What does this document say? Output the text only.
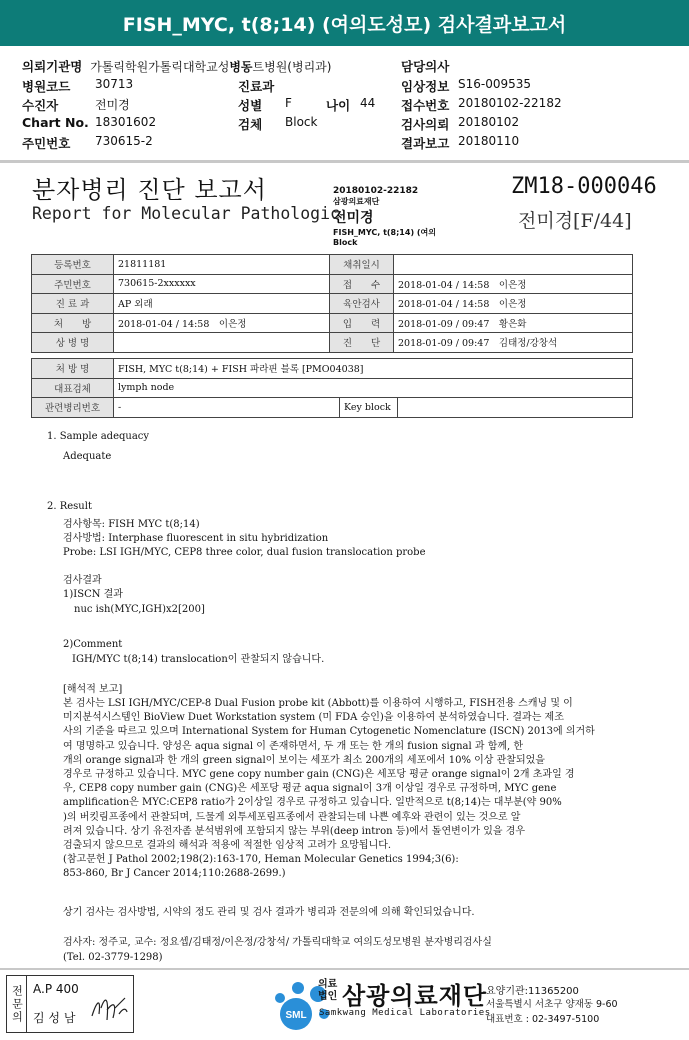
FISH_MYC, t(8;14) (여의도성모) 검사결과보고서
의뢰기관명 가톨릭학원가톨릭대학교성병동트병원(병리과)	담당의사
병원코드 30713	진료과	임상정보 S16-009535
수진자	전미경	성별 F	나이 44 접수번호 20180102-22182
Chart No. 18301602	검체 Block	검사의뢰 20180102
주민번호 730615-2	결과보고 20180110
분자병리 진단 보고서
Report for Molecular Pathologic
20180102-22182
삼광의료재단
전미경
FISH_MYC, t(8;14) (여의
Block
ZM18-000046
전미경[F/44]
등록번호	21811181	채취일시	
주민번호	730615-2xxxxxx	접　　수	2018-01-04 / 14:58　이은정
진 료 과	AP 외래	육안검사	2018-01-04 / 14:58　이은정
처　　방	2018-01-04 / 14:58　이은정	입　　력	2018-01-09 / 09:47　황은화
상 병 명		진　　단	2018-01-09 / 09:47　김태정/강창석
처 방 명	FISH, MYC t(8;14) + FISH 파라핀 블록 [PMO04038]		
대표검체	lymph node		
관련병리번호	-	Key block	
1. Sample adequacy
Adequate
2. Result
검사항목: FISH MYC t(8;14)
검사방법: Interphase fluorescent in situ hybridization
Probe: LSI IGH/MYC, CEP8 three color, dual fusion translocation probe
검사결과
1)ISCN 결과
nuc ish(MYC,IGH)x2[200]
2)Comment
IGH/MYC t(8;14) translocation이 관찰되지 않습니다.
[해석적 보고]
본 검사는 LSI IGH/MYC/CEP-8 Dual Fusion probe kit (Abbott)를 이용하여 시행하고, FISH전용 스캐닝 및 이
미지분석시스템인 BioView Duet Workstation system (미 FDA 승인)을 이용하여 분석하였습니다. 결과는 제조
사의 기준을 따르고 있으며 International System for Human Cytogenetic Nomenclature (ISCN) 2013에 의거하
여 명명하고 있습니다. 양성은 aqua signal 이 존재하면서, 두 개 또는 한 개의 fusion signal 과 함께, 한
개의 orange signal과 한 개의 green signal이 보이는 세포가 최소 200개의 세포에서 10% 이상 관찰되었을
경우로 규정하고 있습니다. MYC gene copy number gain (CNG)은 세포당 평균 orange signal이 2개 초과일 경
우, CEP8 copy number gain (CNG)은 세포당 평균 aqua signal이 3개 이상일 경우로 규정하며, MYC gene
amplification은 MYC:CEP8 ratio가 2이상일 경우로 규정하고 있습니다. 일반적으로 t(8;14)는 대부분(약 90%
)의 버킷림프종에서 관찰되며, 드물게 외투세포림프종에서 관찰되는데 나쁜 예후와 관련이 있는 것으로 알
려져 있습니다. 상기 유전자좀 분석범위에 포함되지 않는 부위(deep intron 등)에서 돌연변이가 있을 경우
검출되지 않으므로 결과의 해석과 적용에 적절한 임상적 고려가 요망됩니다.
(참고문헌 J Pathol 2002;198(2):163-170, Heman Molecular Genetics 1994;3(6):
853-860, Br J Cancer 2014;110:2688-2699.)
상기 검사는 검사방법, 시약의 정도 관리 및 검사 결과가 병리과 전문의에 의해 확인되었습니다.
검사자: 정주교, 교수: 정요셉/김태정/이은정/강창석/ 가톨릭대학교 여의도성모병원 분자병리검사실
(Tel. 02-3779-1298)
전문의 A.P 400
김 성 남	SML
의료
법인 삼광의료재단
Samkwang Medical Laboratories
요양기관:11365200
서울특별시 서초구 양재동 9-60
대표번호 : 02-3497-5100
